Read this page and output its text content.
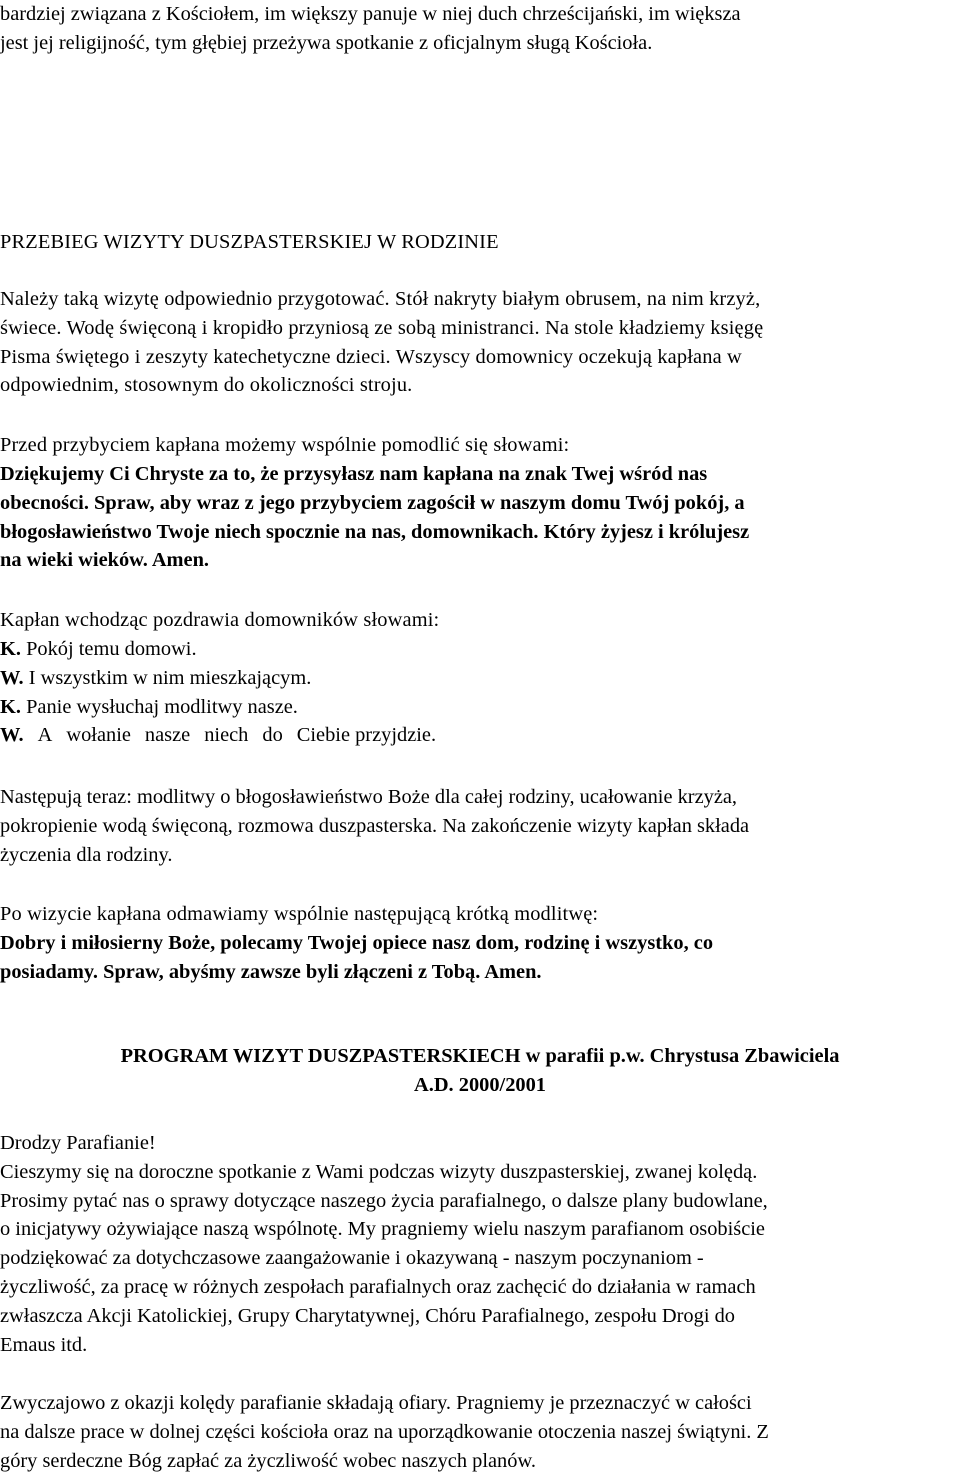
bardziej związana z Kościołem, im większy panuje w niej duch chrześcijański, im większa
jest jej religijność, tym głębiej przeżywa spotkanie z oficjalnym sługą Kościoła.
PRZEBIEG WIZYTY DUSZPASTERSKIEJ W RODZINIE
Należy taką wizytę odpowiednio przygotować. Stół nakryty białym obrusem, na nim krzyż,
świece. Wodę święconą i kropidło przyniosą ze sobą ministranci. Na stole kładziemy księgę
Pisma świętego i zeszyty katechetyczne dzieci. Wszyscy domownicy oczekują kapłana w
odpowiednim, stosownym do okoliczności stroju.
Przed przybyciem kapłana możemy wspólnie pomodlić się słowami:
Dziękujemy Ci Chryste za to, że przysyłasz nam kapłana na znak Twej wśród nas
obecności. Spraw, aby wraz z jego przybyciem zagościł w naszym domu Twój pokój, a
błogosławieństwo Twoje niech spocznie na nas, domownikach. Który żyjesz i królujesz
na wieki wieków. Amen.
Kapłan wchodząc pozdrawia domowników słowami:
K. Pokój temu domowi.
W. I wszystkim w nim mieszkającym.
K. Panie wysłuchaj modlitwy nasze.
W. A wołanie nasze niech do Ciebie przyjdzie.
Następują teraz: modlitwy o błogosławieństwo Boże dla całej rodziny, ucałowanie krzyża,
pokropienie wodą święconą, rozmowa duszpasterska. Na zakończenie wizyty kapłan składa
życzenia dla rodziny.
Po wizycie kapłana odmawiamy wspólnie następującą krótką modlitwę:
Dobry i miłosierny Boże, polecamy Twojej opiece nasz dom, rodzinę i wszystko, co
posiadamy. Spraw, abyśmy zawsze byli złączeni z Tobą. Amen.
PROGRAM WIZYT DUSZPASTERSKIECH w parafii p.w. Chrystusa Zbawiciela
A.D. 2000/2001
Drodzy Parafianie!
Cieszymy się na doroczne spotkanie z Wami podczas wizyty duszpasterskiej, zwanej kolędą.
Prosimy pytać nas o sprawy dotyczące naszego życia parafialnego, o dalsze plany budowlane,
o inicjatywy ożywiające naszą wspólnotę. My pragniemy wielu naszym parafianom osobiście
podziękować za dotychczasowe zaangażowanie i okazywaną - naszym poczynaniom -
życzliwość, za pracę w różnych zespołach parafialnych oraz zachęcić do działania w ramach
zwłaszcza Akcji Katolickiej, Grupy Charytatywnej, Chóru Parafialnego, zespołu Drogi do
Emaus itd.
Zwyczajowo z okazji kolędy parafianie składają ofiary. Pragniemy je przeznaczyć w całości
na dalsze prace w dolnej części kościoła oraz na uporządkowanie otoczenia naszej świątyni. Z
góry serdeczne Bóg zapłać za życzliwość wobec naszych planów.
